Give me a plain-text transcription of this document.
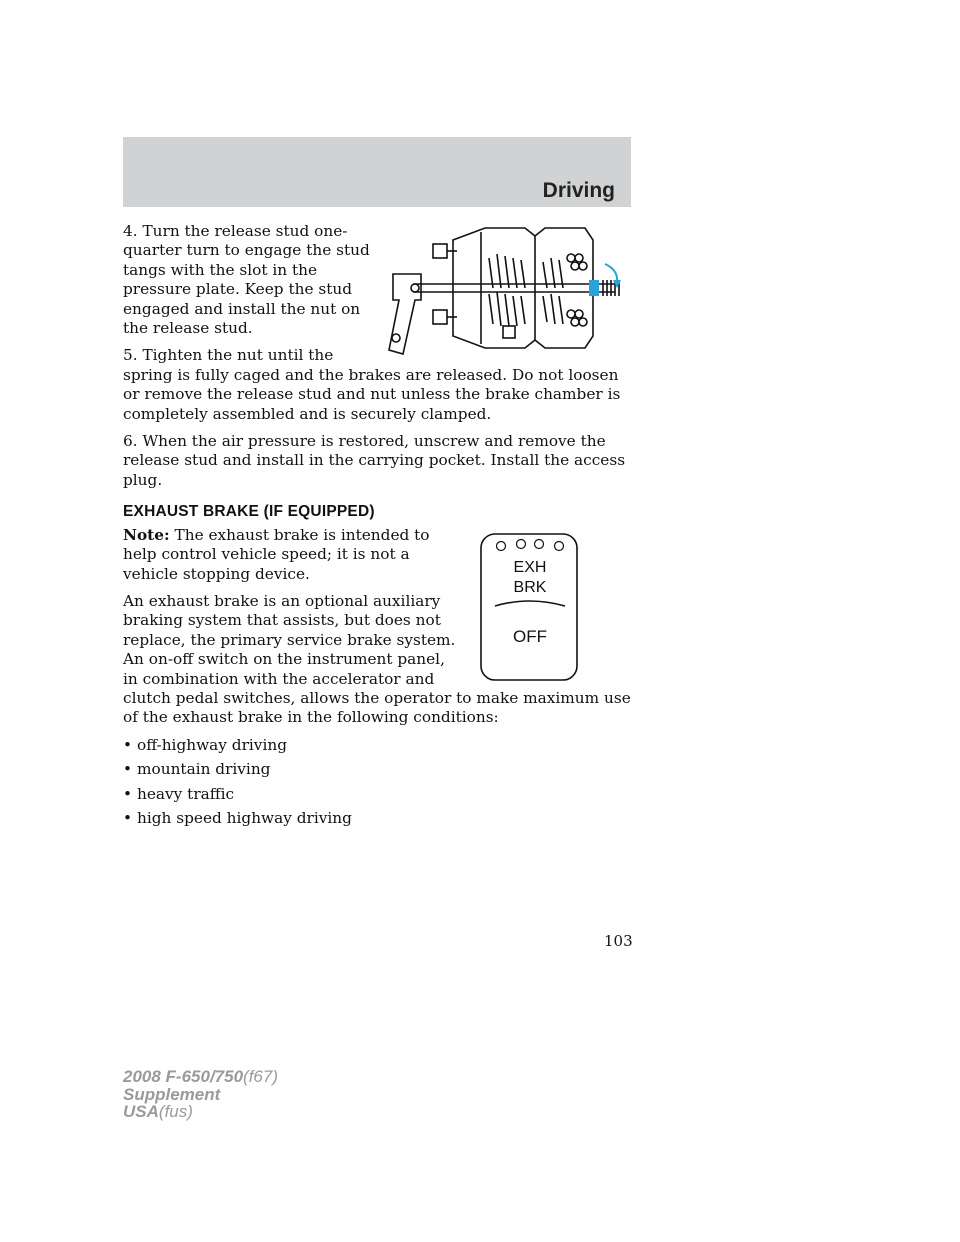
Driving

4. Turn the release stud one-quarter turn to engage the stud tangs with the slot in the pressure plate. Keep the stud engaged and install the nut on the release stud.

5. Tighten the nut until the spring is fully caged and the brakes are released. Do not loosen or remove the release stud and nut unless the brake chamber is completely assembled and is securely clamped.

6. When the air pressure is restored, unscrew and remove the release stud and install in the carrying pocket. Install the access plug.

EXHAUST BRAKE (IF EQUIPPED)
EXH
BRK
OFF

Note: The exhaust brake is intended to help control vehicle speed; it is not a vehicle stopping device.

An exhaust brake is an optional auxiliary braking system that assists, but does not replace, the primary service brake system. An on-off switch on the instrument panel, in combination with the accelerator and clutch pedal switches, allows the operator to make maximum use of the exhaust brake in the following conditions:

• off-highway driving
• mountain driving
• heavy traffic
• high speed highway driving
103
2008 F-650/750(f67)
Supplement
USA(fus)
